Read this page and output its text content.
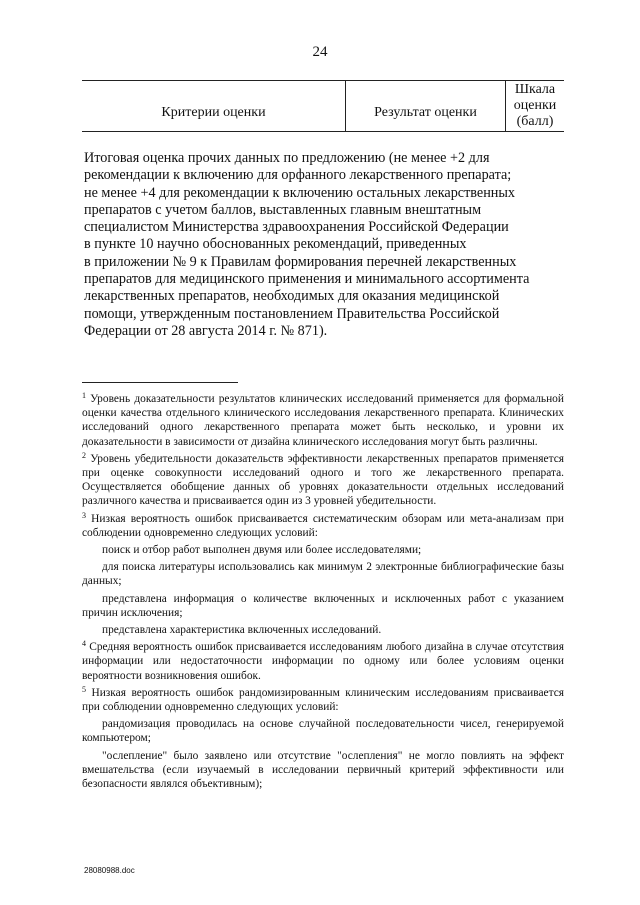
24
Критерии оценки	Результат оценки
Шкала
оценки
(балл)
Итоговая оценка прочих данных по предложению (не менее +2 для
рекомендации к включению для орфанного лекарственного препарата;
не менее +4 для рекомендации к включению остальных лекарственных
препаратов с учетом баллов, выставленных главным внештатным
специалистом Министерства здравоохранения Российской Федерации
в пункте 10 научно обоснованных рекомендаций, приведенных
в приложении № 9 к Правилам формирования перечней лекарственных
препаратов для медицинского применения и минимального ассортимента
лекарственных препаратов, необходимых для оказания медицинской
помощи, утвержденным постановлением Правительства Российской
Федерации от 28 августа 2014 г. № 871).

$^1$ Уровень доказательности результатов клинических исследований применяется для формальной оценки качества отдельного клинического исследования лекарственного препарата. Клинических исследований одного лекарственного препарата может быть несколько, и уровни их доказательности в зависимости от дизайна клинического исследования могут быть различны.

$^2$ Уровень убедительности доказательств эффективности лекарственных препаратов применяется при оценке совокупности исследований одного и того же лекарственного препарата. Осуществляется обобщение данных об уровнях доказательности отдельных исследований различного качества и присваивается один из 3 уровней убедительности.

$^3$ Низкая вероятность ошибок присваивается систематическим обзорам или мета-анализам при соблюдении одновременно следующих условий:

поиск и отбор работ выполнен двумя или более исследователями;

для поиска литературы использовались как минимум 2 электронные библиографические базы данных;

представлена информация о количестве включенных и исключенных работ с указанием причин исключения;

представлена характеристика включенных исследований.

$^4$ Средняя вероятность ошибок присваивается исследованиям любого дизайна в случае отсутствия информации или недостаточности информации по одному или более условиям оценки вероятности возникновения ошибок.

$^5$ Низкая вероятность ошибок рандомизированным клиническим исследованиям присваивается при соблюдении одновременно следующих условий:

рандомизация проводилась на основе случайной последовательности чисел, генерируемой компьютером;

"ослепление" было заявлено или отсутствие "ослепления" не могло повлиять на эффект вмешательства (если изучаемый в исследовании первичный критерий эффективности или безопасности являлся объективным);

28080988.doc
